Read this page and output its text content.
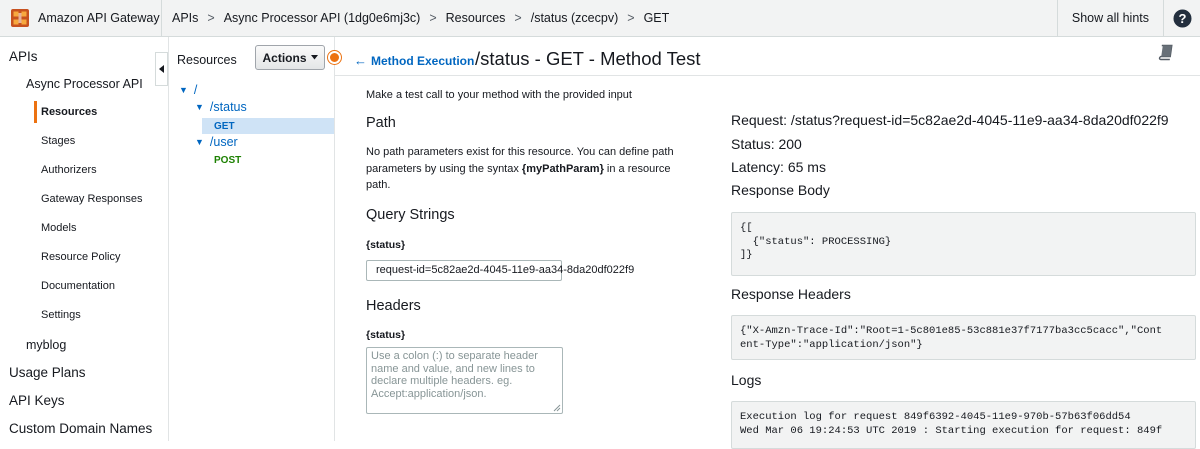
Amazon API Gateway APIs > Async Processor API (1dg0e6mj3c) > Resources > /status (zcecpv) > GET	Show all hints	?
APIs
Async Processor API
Resources
Stages
Authorizers
Gateway Responses
Models
Resource Policy
Documentation
Settings
myblog
Usage Plans
API Keys
Custom Domain Names
Resources Actions
▼ /
▼ /status
GET
▼ /user
POST
← Method Execution /status - GET - Method Test
Make a test call to your method with the provided input
Path
No path parameters exist for this resource. You can define path parameters by using the syntax {myPathParam} in a resource path.
Query Strings
{status}
request-id=5c82ae2d-4045-11e9-aa34-8da20df022f9
Headers
{status}
Use a colon (:) to separate header name and value, and new lines to declare multiple headers. eg. Accept:application/json.
Request: /status?request-id=5c82ae2d-4045-11e9-aa34-8da20df022f9
Status: 200
Latency: 65 ms
Response Body
{[
{"status": PROCESSING}
]}
Response Headers
{"X-Amzn-Trace-Id":"Root=1-5c801e85-53c881e37f7177ba3cc5cacc","Cont
ent-Type":"application/json"}
Logs
Execution log for request 849f6392-4045-11e9-970b-57b63f06dd54
Wed Mar 06 19:24:53 UTC 2019 : Starting execution for request: 849f
